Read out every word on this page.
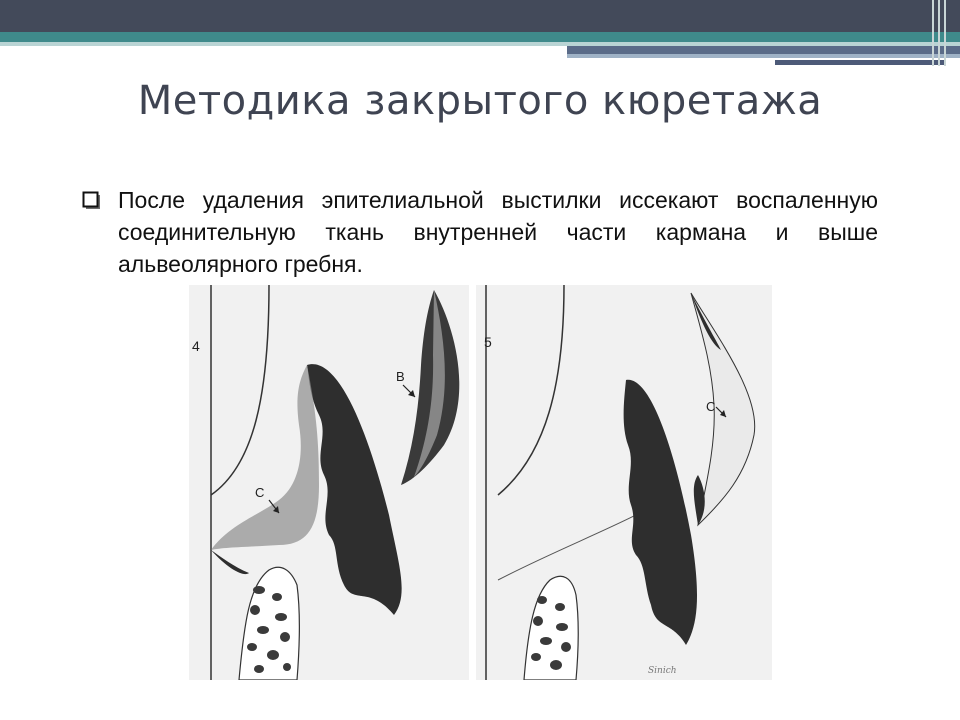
Методика закрытого кюретажа
После удаления эпителиальной выстилки иссекают воспаленную соединительную ткань внутренней части кармана и выше альвеолярного гребня.
4
B
C
5
C
Sinich
